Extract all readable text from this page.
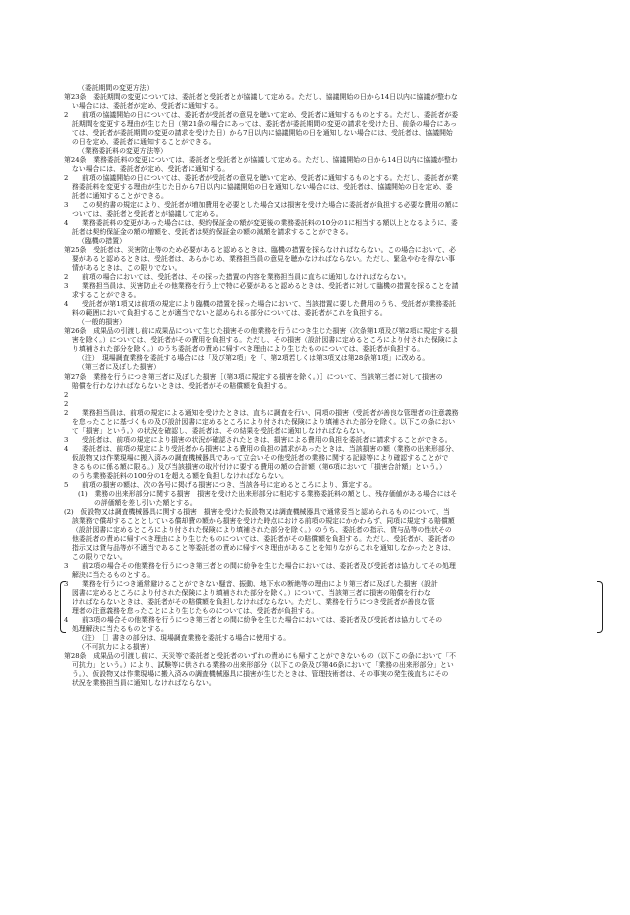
（委託期間の変更方法）
第23条　委託期間の変更については、委託者と受託者とが協議して定める。ただし、協議開始の日から14日以内に協議が整わな
い場合には、委託者が定め、受託者に通知する。
2　　前項の協議開始の日については、委託者が受託者の意見を聴いて定め、受託者に通知するものとする。ただし、委託者が委
託期間を変更する理由が生じた日（第21条の場合にあっては、委託者が委託期間の変更の請求を受けた日、前条の場合にあっ
ては、受託者が委託期間の変更の請求を受けた日）から7日以内に協議開始の日を通知しない場合には、受託者は、協議開始
の日を定め、委託者に通知することができる。
（業務委託料の変更方法等）
第24条　業務委託料の変更については、委託者と受託者とが協議して定める。ただし、協議開始の日から14日以内に協議が整わ
ない場合には、委託者が定め、受託者に通知する。
2　　前項の協議開始の日については、委託者が受託者の意見を聴いて定め、受託者に通知するものとする。ただし、委託者が業
務委託料を変更する理由が生じた日から7日以内に協議開始の日を通知しない場合には、受託者は、協議開始の日を定め、委
託者に通知することができる。
3　　この契約書の規定により、受託者が増加費用を必要とした場合又は損害を受けた場合に委託者が負担する必要な費用の額に
ついては、委託者と受託者とが協議して定める。
4　　業務委託料の変更があった場合には、契約保証金の額が変更後の業務委託料の10分の1に相当する額以上となるように、委
託者は契約保証金の額の増額を、受託者は契約保証金の額の減額を請求することができる。
（臨機の措置）
第25条　受託者は、災害防止等のため必要があると認めるときは、臨機の措置を採らなければならない。この場合において、必
要があると認めるときは、受託者は、あらかじめ、業務担当員の意見を聴かなければならない。ただし、緊急やむを得ない事
情があるときは、この限りでない。
2　　前項の場合においては、受託者は、その採った措置の内容を業務担当員に直ちに通知しなければならない。
3　　業務担当員は、災害防止その他業務を行う上で特に必要があると認めるときは、受託者に対して臨機の措置を採ることを請
求することができる。
4　　受託者が第1項又は前項の規定により臨機の措置を採った場合において、当該措置に要した費用のうち、受託者が業務委託
料の範囲において負担することが適当でないと認められる部分については、委託者がこれを負担する。
（一般的損害）
第26条　成果品の引渡し前に成果品について生じた損害その他業務を行うにつき生じた損害（次条第1項及び第2項に規定する損
害を除く。）については、受託者がその費用を負担する。ただし、その損害（設計図書に定めるところにより付された保険によ
り填補された部分を除く。）のうち委託者の責めに帰すべき理由により生じたものについては、委託者が負担する。
（注）　現場調査業務を委託する場合には「及び第2項」を「、第2項若しくは第3項又は第28条第1項」に改める。
（第三者に及ぼした損害）
第27条　業務を行うにつき第三者に及ぼした損害［（第3項に規定する損害を除く。）］について、当該第三者に対して損害の
賠償を行わなければならないときは、受託者がその賠償額を負担する。
2
2
2　　業務担当員は、前項の規定による通知を受けたときは、直ちに調査を行い、同項の損害（受託者が善良な管理者の注意義務
を怠ったことに基づくもの及び設計図書に定めるところにより付された保険により填補された部分を除く。以下この条におい
て「損害」という。）の状況を確認し、委託者は、その結果を受託者に通知しなければならない。
3　　受託者は、前項の規定により損害の状況が確認されたときは、損害による費用の負担を委託者に請求することができる。
4　　委託者は、前項の規定により受託者から損害による費用の負担の請求があったときは、当該損害の額（業務の出来形部分、
仮設物又は作業現場に搬入済みの調査機械器具であって立会いその他受託者の業務に関する記録等により確認することがで
きるものに係る額に限る。）及び当該損害の取片付けに要する費用の額の合計額（第6項において「損害合計額」という。）
のうち業務委託料の100分の1を超える額を負担しなければならない。
5　　前項の損害の額は、次の各号に掲げる損害につき、当該各号に定めるところにより、算定する。
(1)　業務の出来形部分に関する損害　損害を受けた出来形部分に相応する業務委託料の額とし、残存価値がある場合にはそ
の評価額を差し引いた額とする。
(2)　仮設物又は調査機械器具に関する損害　損害を受けた仮設物又は調査機械器具で通常妥当と認められるものについて、当
該業務で償却することとしている償却費の額から損害を受けた時点における前項の規定にかかわらず、同項に規定する賠償額
（設計図書に定めるところにより付された保険により填補された部分を除く。）のうち、委託者の指示、貸与品等の性状その
他委託者の責めに帰すべき理由により生じたものについては、委託者がその賠償額を負担する。ただし、受託者が、委託者の
指示又は貸与品等が不適当であること等委託者の責めに帰すべき理由があることを知りながらこれを通知しなかったときは、
この限りでない。
3　　前2項の場合その他業務を行うにつき第三者との間に紛争を生じた場合においては、委託者及び受託者は協力してその処理
解決に当たるものとする。
3　　業務を行うにつき通常避けることができない騒音、振動、地下水の断絶等の理由により第三者に及ぼした損害（設計
図書に定めるところにより付された保険により填補された部分を除く。）について、当該第三者に損害の賠償を行わな
ければならないときは、委託者がその賠償額を負担しなければならない。ただし、業務を行うにつき受託者が善良な管
理者の注意義務を怠ったことにより生じたものについては、受託者が負担する。
4　　前3項の場合その他業務を行うにつき第三者との間に紛争を生じた場合においては、委託者及び受託者は協力してその
処理解決に当たるものとする。
（注）　［］書きの部分は、現場調査業務を委託する場合に使用する。
（不可抗力による損害）
第28条　成果品の引渡し前に、天災等で委託者と受託者のいずれの責めにも帰すことができないもの（以下この条において「不
可抗力」という。）により、試験等に供される業務の出来形部分（以下この条及び第46条において「業務の出来形部分」とい
う。）、仮設物又は作業現場に搬入済みの調査機械器具に損害が生じたときは、管理技術者は、その事実の発生後直ちにその
状況を業務担当員に通知しなければならない。
